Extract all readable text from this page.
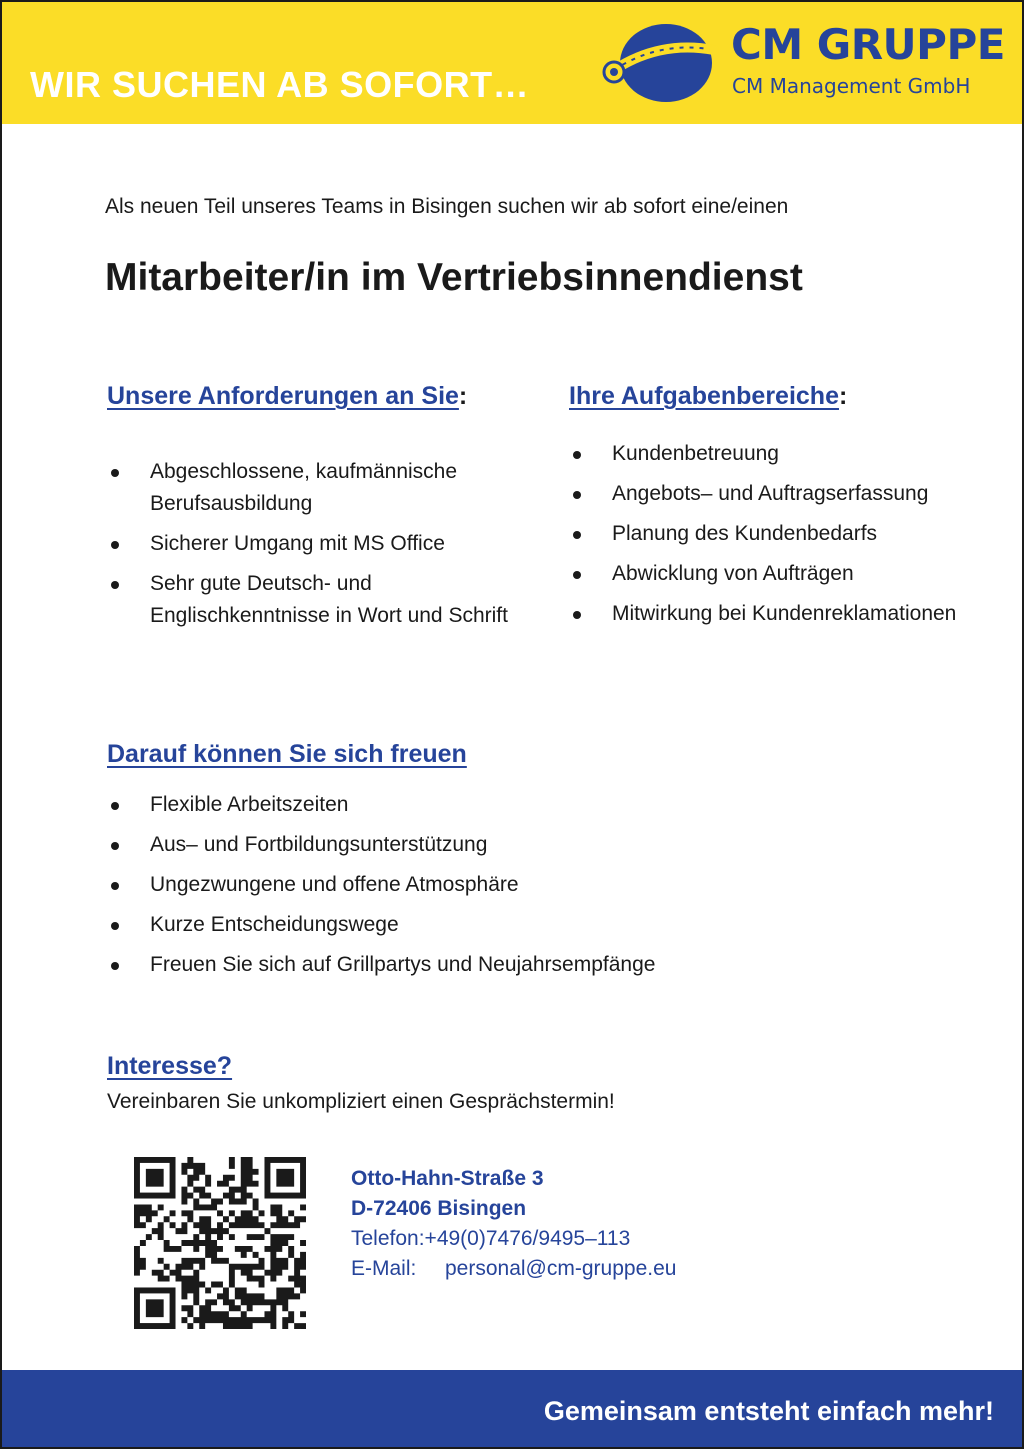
WIR SUCHEN AB SOFORT…
CM GRUPPE
CM Management GmbH
Als neuen Teil unseres Teams in Bisingen suchen wir ab sofort eine/einen
Mitarbeiter/in im Vertriebsinnendienst
Unsere Anforderungen an Sie:
Abgeschlossene, kaufmännische Berufsausbildung
Sicherer Umgang mit MS Office
Sehr gute Deutsch- und Englischkenntnisse in Wort und Schrift
Ihre Aufgabenbereiche:
Kundenbetreuung
Angebots– und Auftragserfassung
Planung des Kundenbedarfs
Abwicklung von Aufträgen
Mitwirkung bei Kundenreklamationen
Darauf können Sie sich freuen
Flexible Arbeitszeiten
Aus– und Fortbildungsunterstützung
Ungezwungene und offene Atmosphäre
Kurze Entscheidungswege
Freuen Sie sich auf Grillpartys und Neujahrsempfänge
Interesse?
Vereinbaren Sie unkompliziert einen Gesprächstermin!
Otto-Hahn-Straße 3
D-72406 Bisingen
Telefon:+49(0)7476/9495–113
E-Mail: personal@cm-gruppe.eu
Gemeinsam entsteht einfach mehr!
